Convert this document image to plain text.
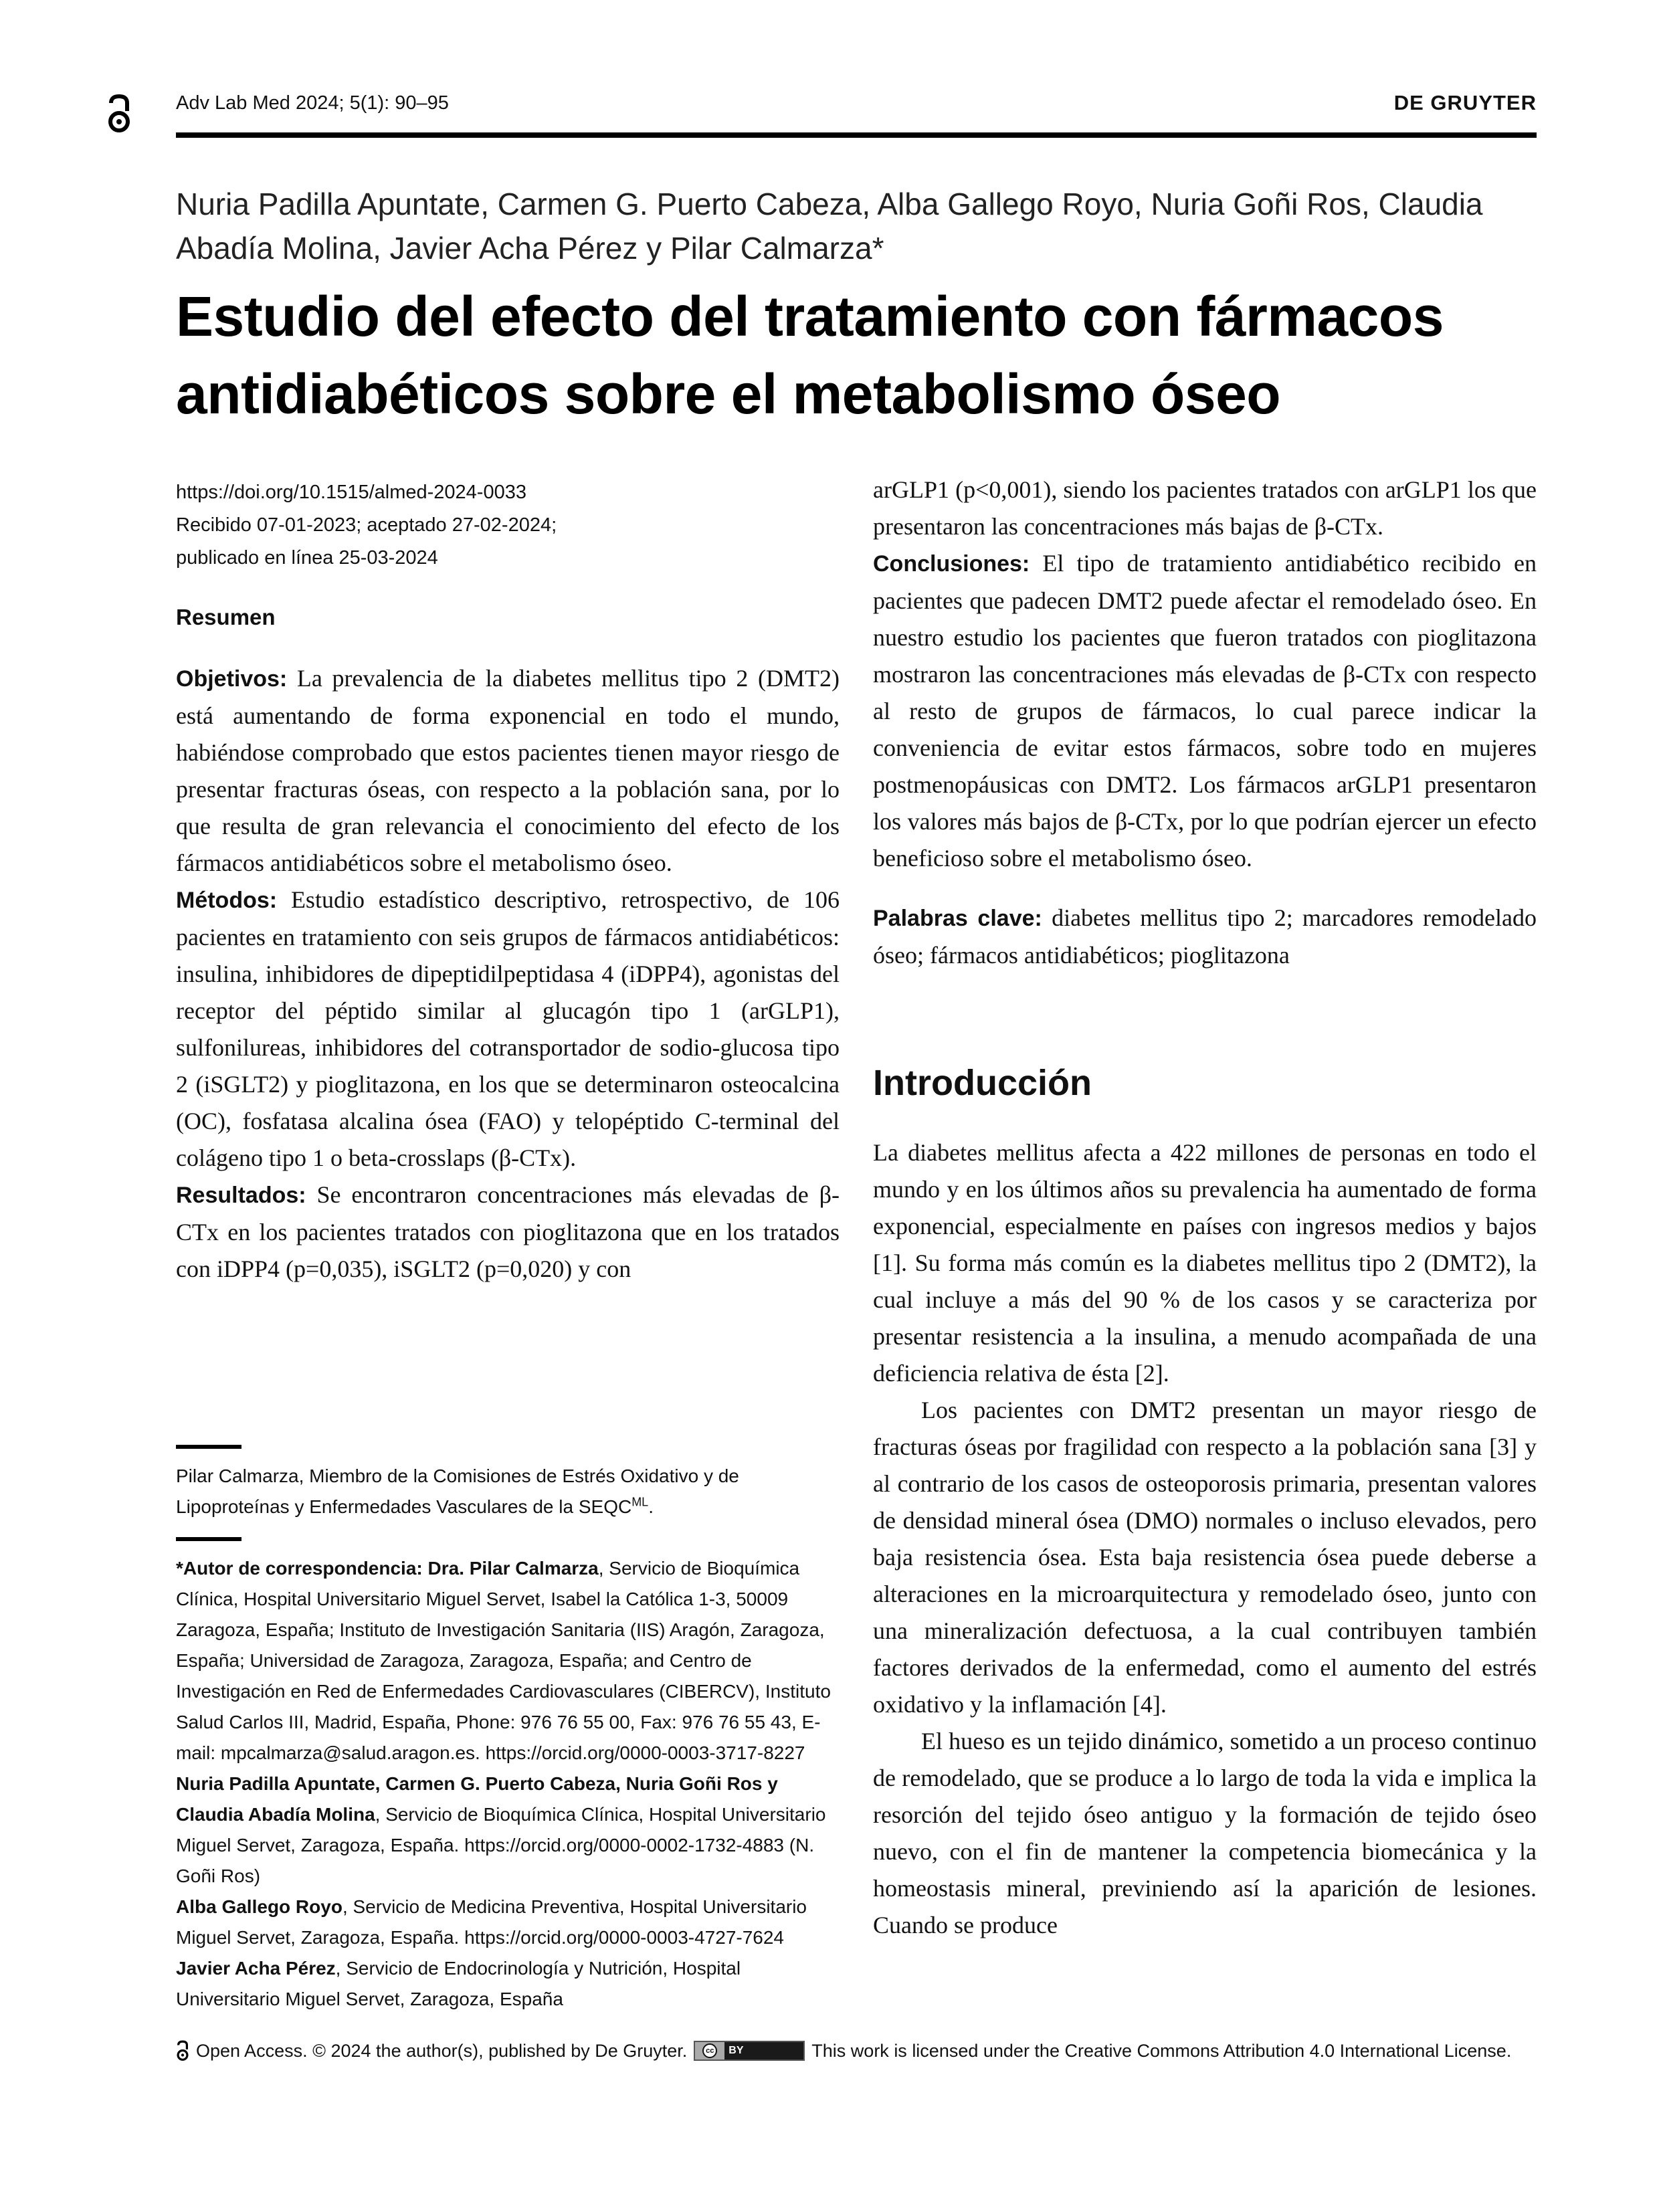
Adv Lab Med 2024; 5(1): 90–95	DE GRUYTER
Nuria Padilla Apuntate, Carmen G. Puerto Cabeza, Alba Gallego Royo, Nuria Goñi Ros, Claudia Abadía Molina, Javier Acha Pérez y Pilar Calmarza*
Estudio del efecto del tratamiento con fármacos antidiabéticos sobre el metabolismo óseo
https://doi.org/10.1515/almed-2024-0033
Recibido 07-01-2023; aceptado 27-02-2024;
publicado en línea 25-03-2024
Resumen

Objetivos: La prevalencia de la diabetes mellitus tipo 2 (DMT2) está aumentando de forma exponencial en todo el mundo, habiéndose comprobado que estos pacientes tienen mayor riesgo de presentar fracturas óseas, con respecto a la población sana, por lo que resulta de gran relevancia el conocimiento del efecto de los fármacos antidiabéticos sobre el metabolismo óseo.

Métodos: Estudio estadístico descriptivo, retrospectivo, de 106 pacientes en tratamiento con seis grupos de fármacos antidiabéticos: insulina, inhibidores de dipeptidilpeptidasa 4 (iDPP4), agonistas del receptor del péptido similar al glucagón tipo 1 (arGLP1), sulfonilureas, inhibidores del cotransportador de sodio-glucosa tipo 2 (iSGLT2) y pioglitazona, en los que se determinaron osteocalcina (OC), fosfatasa alcalina ósea (FAO) y telopéptido C-terminal del colágeno tipo 1 o beta-crosslaps (β-CTx).

Resultados: Se encontraron concentraciones más elevadas de β-CTx en los pacientes tratados con pioglitazona que en los tratados con iDPP4 (p=0,035), iSGLT2 (p=0,020) y con

Pilar Calmarza, Miembro de la Comisiones de Estrés Oxidativo y de Lipoproteínas y Enfermedades Vasculares de la $SEQC^{ML}$.

*Autor de correspondencia: Dra. Pilar Calmarza, Servicio de Bioquímica Clínica, Hospital Universitario Miguel Servet, Isabel la Católica 1-3, 50009 Zaragoza, España; Instituto de Investigación Sanitaria (IIS) Aragón, Zaragoza, España; Universidad de Zaragoza, Zaragoza, España; and Centro de Investigación en Red de Enfermedades Cardiovasculares (CIBERCV), Instituto Salud Carlos III, Madrid, España, Phone: 976 76 55 00, Fax: 976 76 55 43, E-mail: mpcalmarza@salud.aragon.es. https://orcid.org/0000-0003-3717-8227

Nuria Padilla Apuntate, Carmen G. Puerto Cabeza, Nuria Goñi Ros y Claudia Abadía Molina, Servicio de Bioquímica Clínica, Hospital Universitario Miguel Servet, Zaragoza, España. https://orcid.org/0000-0002-1732-4883 (N. Goñi Ros)

Alba Gallego Royo, Servicio de Medicina Preventiva, Hospital Universitario Miguel Servet, Zaragoza, España. https://orcid.org/0000-0003-4727-7624

Javier Acha Pérez, Servicio de Endocrinología y Nutrición, Hospital Universitario Miguel Servet, Zaragoza, España

arGLP1 (p<0,001), siendo los pacientes tratados con arGLP1 los que presentaron las concentraciones más bajas de β-CTx.

Conclusiones: El tipo de tratamiento antidiabético recibido en pacientes que padecen DMT2 puede afectar el remodelado óseo. En nuestro estudio los pacientes que fueron tratados con pioglitazona mostraron las concentraciones más elevadas de β-CTx con respecto al resto de grupos de fármacos, lo cual parece indicar la conveniencia de evitar estos fármacos, sobre todo en mujeres postmenopáusicas con DMT2. Los fármacos arGLP1 presentaron los valores más bajos de β-CTx, por lo que podrían ejercer un efecto beneficioso sobre el metabolismo óseo.

Palabras clave: diabetes mellitus tipo 2; marcadores remodelado óseo; fármacos antidiabéticos; pioglitazona

Introducción

La diabetes mellitus afecta a 422 millones de personas en todo el mundo y en los últimos años su prevalencia ha aumentado de forma exponencial, especialmente en países con ingresos medios y bajos [1]. Su forma más común es la diabetes mellitus tipo 2 (DMT2), la cual incluye a más del 90 % de los casos y se caracteriza por presentar resistencia a la insulina, a menudo acompañada de una deficiencia relativa de ésta [2].

Los pacientes con DMT2 presentan un mayor riesgo de fracturas óseas por fragilidad con respecto a la población sana [3] y al contrario de los casos de osteoporosis primaria, presentan valores de densidad mineral ósea (DMO) normales o incluso elevados, pero baja resistencia ósea. Esta baja resistencia ósea puede deberse a alteraciones en la microarquitectura y remodelado óseo, junto con una mineralización defectuosa, a la cual contribuyen también factores derivados de la enfermedad, como el aumento del estrés oxidativo y la inflamación [4].

El hueso es un tejido dinámico, sometido a un proceso continuo de remodelado, que se produce a lo largo de toda la vida e implica la resorción del tejido óseo antiguo y la formación de tejido óseo nuevo, con el fin de mantener la competencia biomecánica y la homeostasis mineral, previniendo así la aparición de lesiones. Cuando se produce

Open Access. © 2024 the author(s), published by De Gruyter.	cc	BY	This work is licensed under the Creative Commons Attribution 4.0 International License.
